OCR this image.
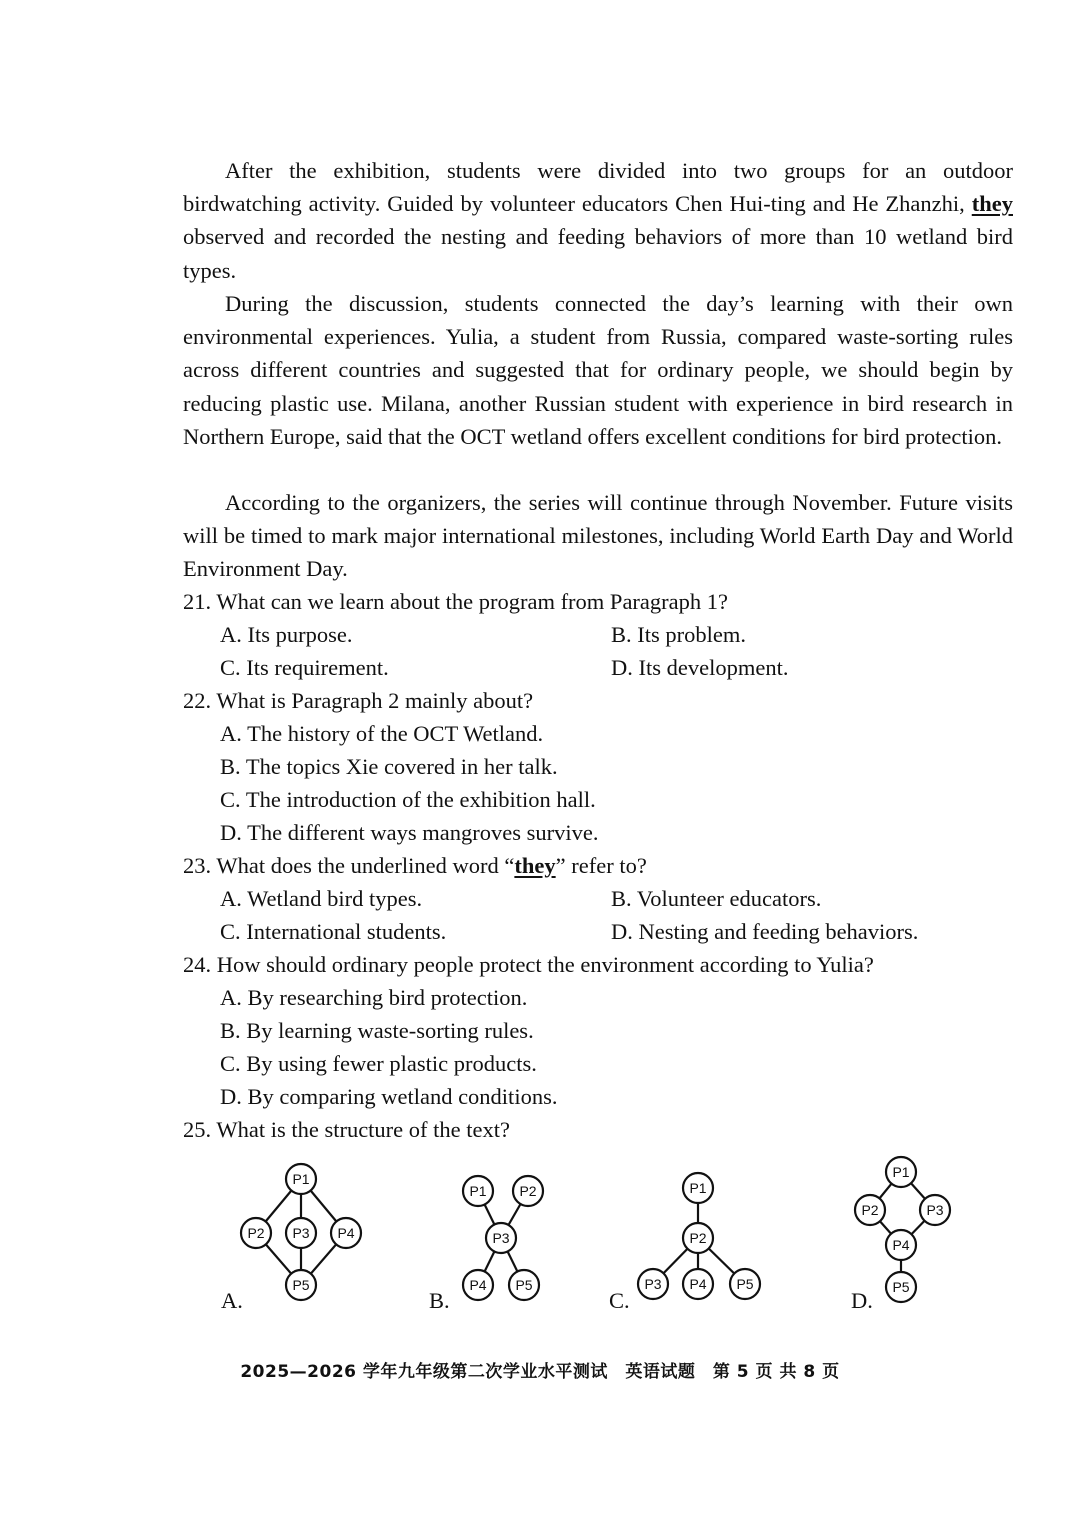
After the exhibition, students were divided into two groups for an outdoor birdwatching activity. Guided by volunteer educators Chen Hui-ting and He Zhanzhi, they observed and recorded the nesting and feeding behaviors of more than 10 wetland bird types.

During the discussion, students connected the day’s learning with their own environmental experiences. Yulia, a student from Russia, compared waste-sorting rules across different countries and suggested that for ordinary people, we should begin by reducing plastic use. Milana, another Russian student with experience in bird research in Northern Europe, said that the OCT wetland offers excellent conditions for bird protection.

According to the organizers, the series will continue through November. Future visits will be timed to mark major international milestones, including World Earth Day and World Environment Day.

21. What can we learn about the program from Paragraph 1?
A. Its purpose.	B. Its problem.
C. Its requirement.	D. Its development.
22. What is Paragraph 2 mainly about?
A. The history of the OCT Wetland.
B. The topics Xie covered in her talk.
C. The introduction of the exhibition hall.
D. The different ways mangroves survive.
23. What does the underlined word “they” refer to?
A. Wetland bird types.	B. Volunteer educators.
C. International students.	D. Nesting and feeding behaviors.
24. How should ordinary people protect the environment according to Yulia?
A. By researching bird protection.
B. By learning waste-sorting rules.
C. By using fewer plastic products.
D. By comparing wetland conditions.
25. What is the structure of the text?
P1
P2 P3 P4
P5
A.
P1 P2
P3
P4 P5
B.
P1
P2
P3 P4 P5
C.
P1
P2	P3
P4
P5
D.
2025—2026 学年九年级第二次学业水平测试　英语试题　第 5 页 共 8 页
